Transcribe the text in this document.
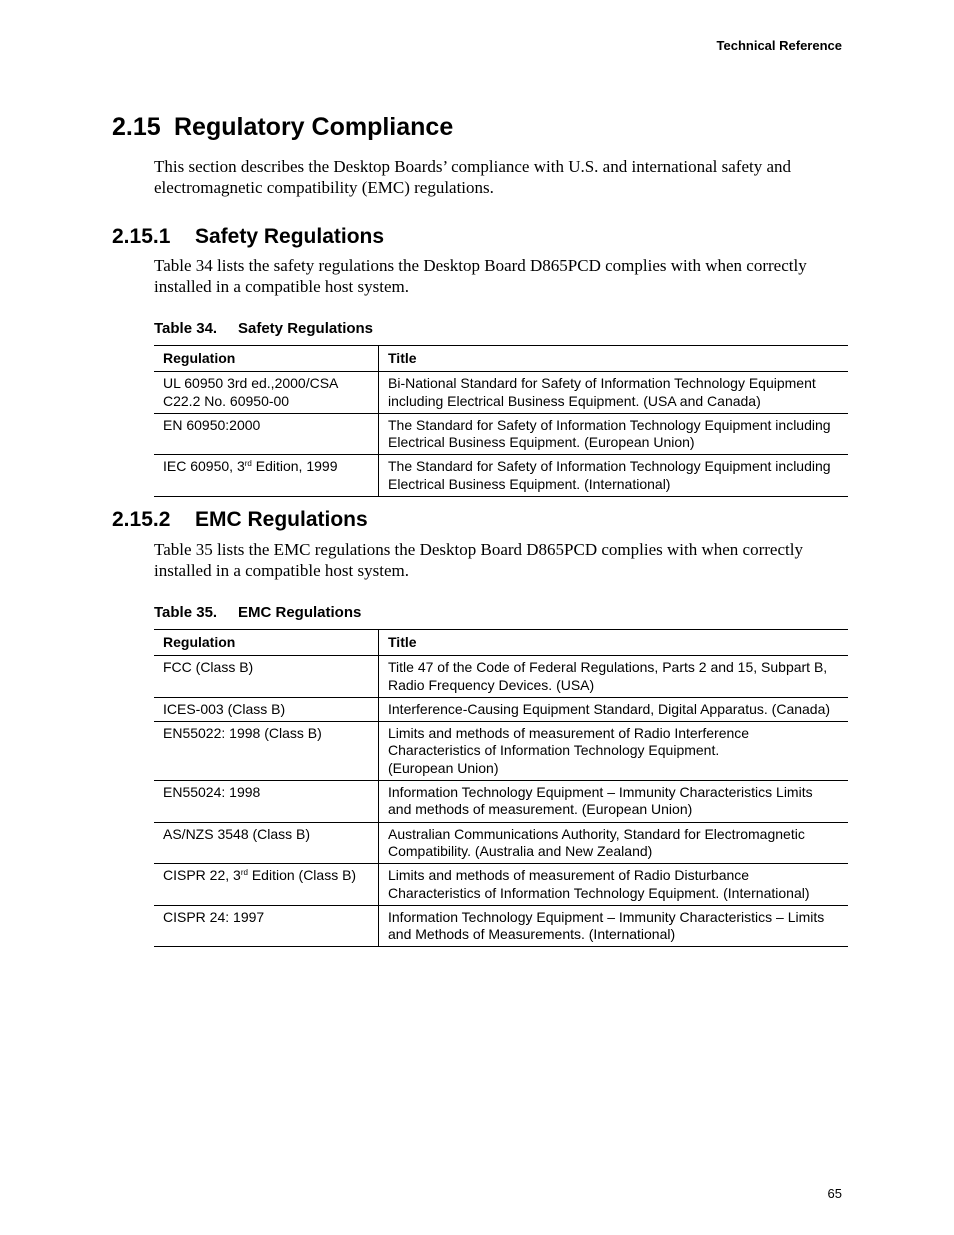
Technical Reference
2.15 Regulatory Compliance

This section describes the Desktop Boards’ compliance with U.S. and international safety and electromagnetic compatibility (EMC) regulations.

2.15.1 Safety Regulations

Table 34 lists the safety regulations the Desktop Board D865PCD complies with when correctly installed in a compatible host system.

Table 34. Safety Regulations
Regulation	Title
UL 60950 3rd ed.,2000/CSA
C22.2 No. 60950-00	Bi-National Standard for Safety of Information Technology Equipment
including Electrical Business Equipment. (USA and Canada)
EN 60950:2000	The Standard for Safety of Information Technology Equipment including
Electrical Business Equipment. (European Union)
IEC 60950, 3rd Edition, 1999	The Standard for Safety of Information Technology Equipment including
Electrical Business Equipment. (International)
2.15.2 EMC Regulations

Table 35 lists the EMC regulations the Desktop Board D865PCD complies with when correctly installed in a compatible host system.

Table 35. EMC Regulations
Regulation	Title
FCC (Class B)	Title 47 of the Code of Federal Regulations, Parts 2 and 15, Subpart B,
Radio Frequency Devices. (USA)
ICES-003 (Class B)	Interference-Causing Equipment Standard, Digital Apparatus. (Canada)
EN55022: 1998 (Class B)	Limits and methods of measurement of Radio Interference
Characteristics of Information Technology Equipment.
(European Union)
EN55024: 1998	Information Technology Equipment – Immunity Characteristics Limits
and methods of measurement. (European Union)
AS/NZS 3548 (Class B)	Australian Communications Authority, Standard for Electromagnetic
Compatibility. (Australia and New Zealand)
CISPR 22, 3rd Edition (Class B)	Limits and methods of measurement of Radio Disturbance
Characteristics of Information Technology Equipment. (International)
CISPR 24: 1997	Information Technology Equipment – Immunity Characteristics – Limits
and Methods of Measurements. (International)
65
